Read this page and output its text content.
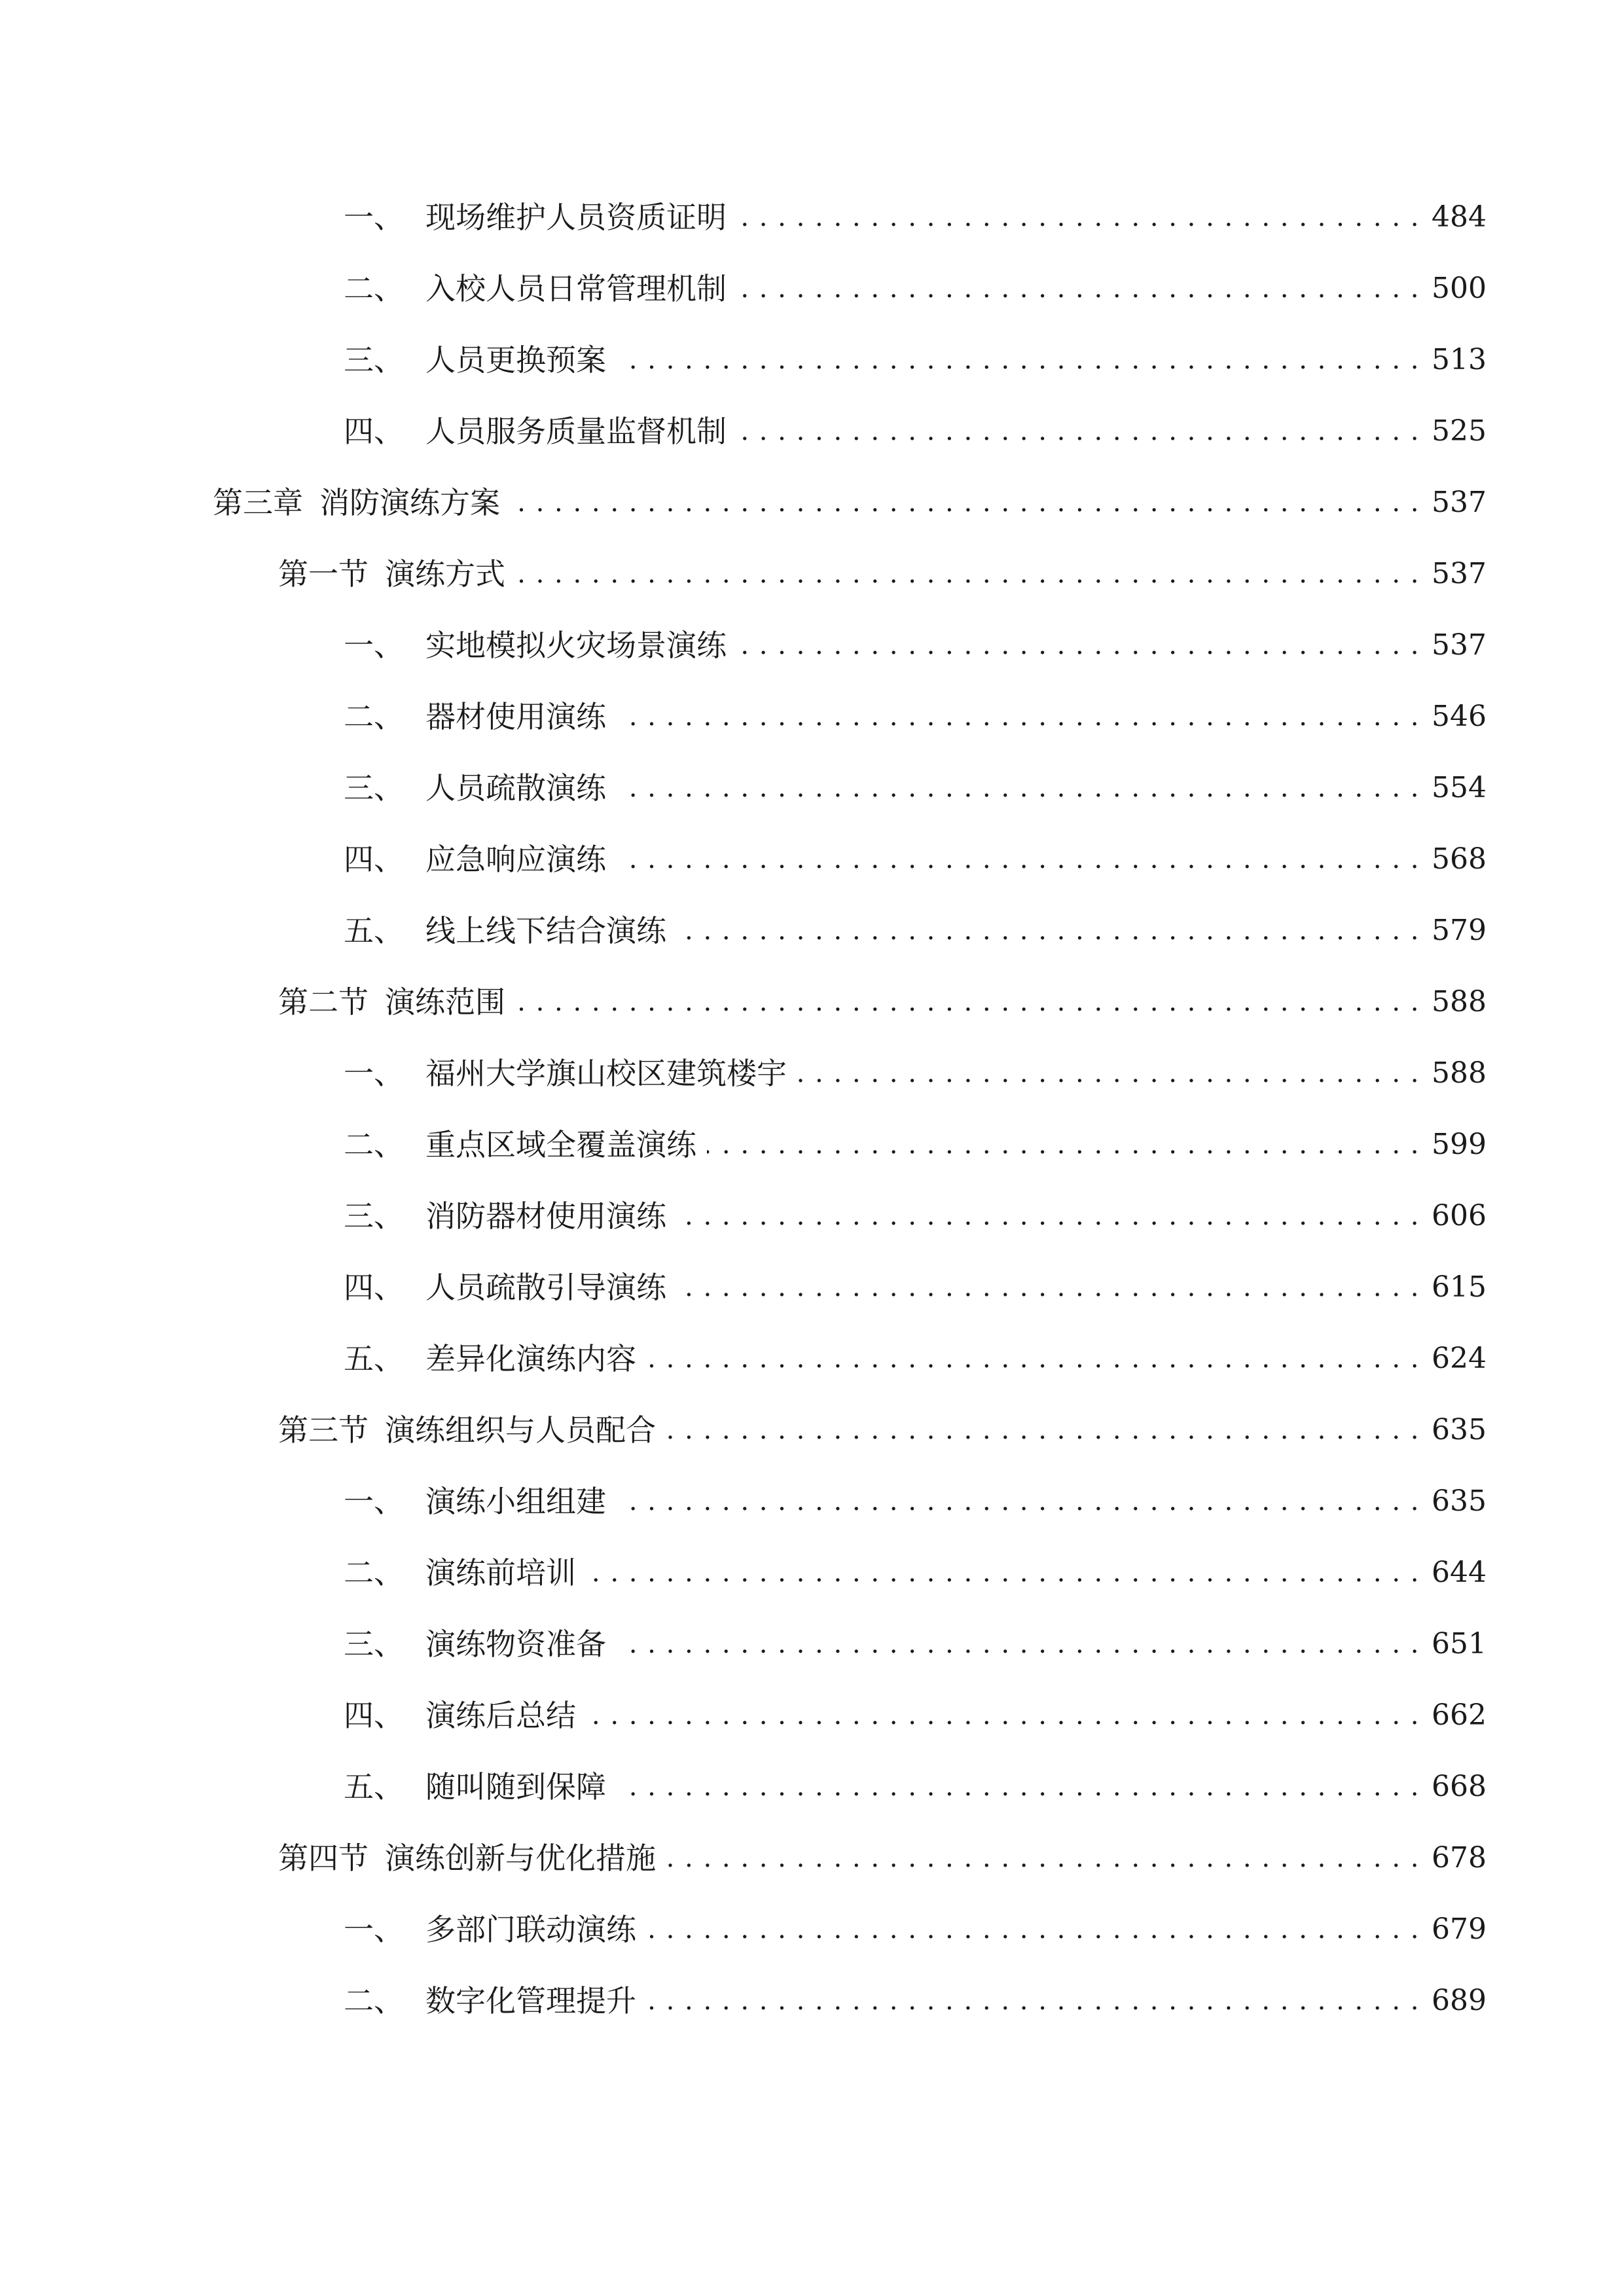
一、 现场维护人员资质证明 . . .	484
二、 入校人员日常管理机制 . . .	500
三、 人员更换预案 . . .	513
四、 人员服务质量监督机制 . . .	525
第三章 消防演练方案 . . .	537
第一节 演练方式 . . .	537
一、 实地模拟火灾场景演练 . . .	537
二、 器材使用演练 . . .	546
三、 人员疏散演练 . . .	554
四、 应急响应演练 . . .	568
五、 线上线下结合演练 . . .	579
第二节 演练范围 . . .	588
一、 福州大学旗山校区建筑楼宇 . . .	588
二、 重点区域全覆盖演练 . . .	599
三、 消防器材使用演练 . . .	606
四、 人员疏散引导演练 . . .	615
五、 差异化演练内容 . . .	624
第三节 演练组织与人员配合 . . .	635
一、 演练小组组建 . . .	635
二、 演练前培训 . . .	644
三、 演练物资准备 . . .	651
四、 演练后总结 . . .	662
五、 随叫随到保障 . . .	668
第四节 演练创新与优化措施 . . .	678
一、 多部门联动演练 . . .	679
二、 数字化管理提升 . . .	689
